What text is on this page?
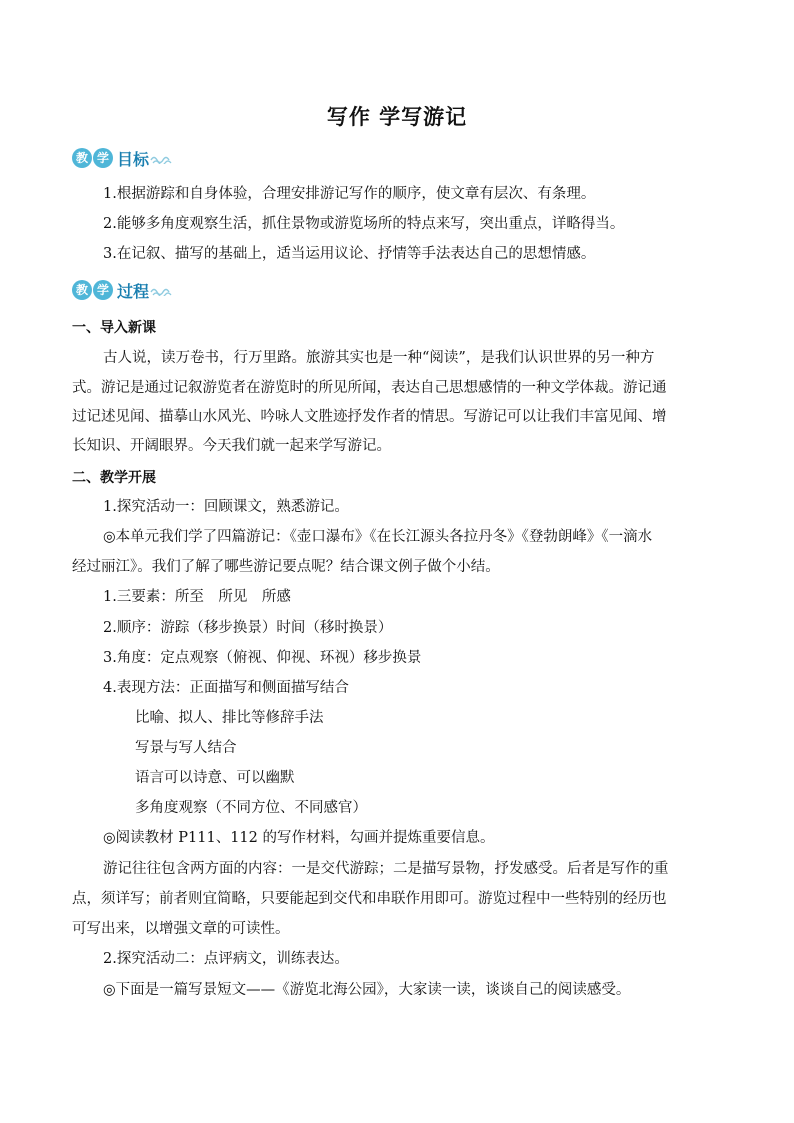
写作 学写游记
教 学 目标
1.根据游踪和自身体验，合理安排游记写作的顺序，使文章有层次、有条理。
2.能够多角度观察生活，抓住景物或游览场所的特点来写，突出重点，详略得当。
3.在记叙、描写的基础上，适当运用议论、抒情等手法表达自己的思想情感。
教 学 过程
一、导入新课
古人说，读万卷书，行万里路。旅游其实也是一种“阅读”，是我们认识世界的另一种方
式。游记是通过记叙游览者在游览时的所见所闻，表达自己思想感情的一种文学体裁。游记通
过记述见闻、描摹山水风光、吟咏人文胜迹抒发作者的情思。写游记可以让我们丰富见闻、增
长知识、开阔眼界。今天我们就一起来学写游记。
二、教学开展
1.探究活动一：回顾课文，熟悉游记。
◎本单元我们学了四篇游记：《壶口瀑布》《在长江源头各拉丹冬》《登勃朗峰》《一滴水
经过丽江》。我们了解了哪些游记要点呢？结合课文例子做个小结。
1.三要素：所至　所见　所感
2.顺序：游踪（移步换景）时间（移时换景）
3.角度：定点观察（俯视、仰视、环视）移步换景
4.表现方法：正面描写和侧面描写结合
比喻、拟人、排比等修辞手法
写景与写人结合
语言可以诗意、可以幽默
多角度观察（不同方位、不同感官）
◎阅读教材 P111、112 的写作材料，勾画并提炼重要信息。
游记往往包含两方面的内容：一是交代游踪；二是描写景物，抒发感受。后者是写作的重
点，须详写；前者则宜简略，只要能起到交代和串联作用即可。游览过程中一些特别的经历也
可写出来，以增强文章的可读性。
2.探究活动二：点评病文，训练表达。
◎下面是一篇写景短文——《游览北海公园》，大家读一读，谈谈自己的阅读感受。
